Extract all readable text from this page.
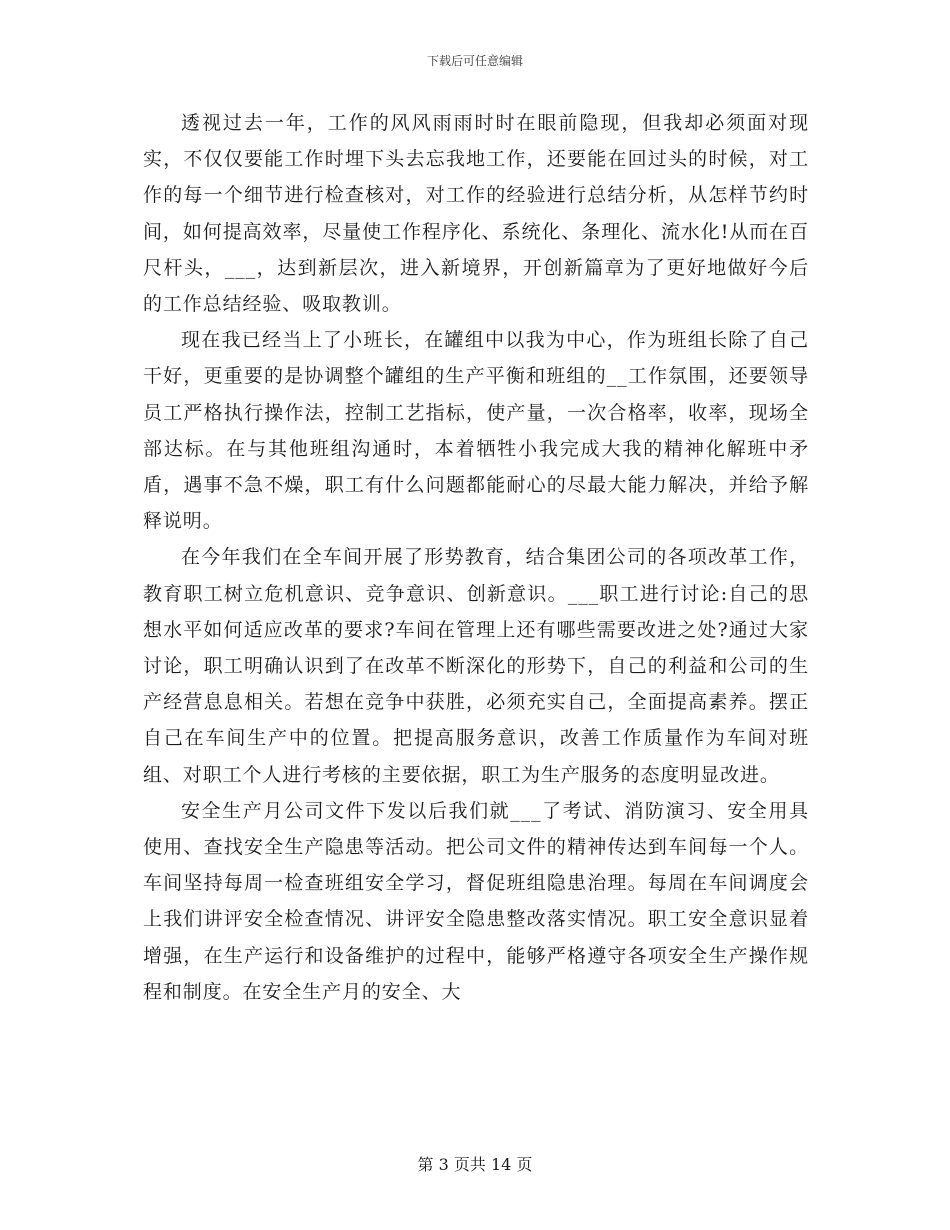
下载后可任意编辑

透视过去一年，工作的风风雨雨时时在眼前隐现，但我却必须面对现实，不仅仅要能工作时埋下头去忘我地工作，还要能在回过头的时候，对工作的每一个细节进行检查核对，对工作的经验进行总结分析，从怎样节约时间，如何提高效率，尽量使工作程序化、系统化、条理化、流水化!从而在百尺杆头，___，达到新层次，进入新境界，开创新篇章为了更好地做好今后的工作总结经验、吸取教训。

现在我已经当上了小班长，在罐组中以我为中心，作为班组长除了自己干好，更重要的是协调整个罐组的生产平衡和班组的__工作氛围，还要领导员工严格执行操作法，控制工艺指标，使产量，一次合格率，收率，现场全部达标。在与其他班组沟通时，本着牺牲小我完成大我的精神化解班中矛盾，遇事不急不燥，职工有什么问题都能耐心的尽最大能力解决，并给予解释说明。

在今年我们在全车间开展了形势教育，结合集团公司的各项改革工作，教育职工树立危机意识、竞争意识、创新意识。___职工进行讨论:自己的思想水平如何适应改革的要求?车间在管理上还有哪些需要改进之处?通过大家讨论，职工明确认识到了在改革不断深化的形势下，自己的利益和公司的生产经营息息相关。若想在竞争中获胜，必须充实自己，全面提高素养。摆正自己在车间生产中的位置。把提高服务意识，改善工作质量作为车间对班组、对职工个人进行考核的主要依据，职工为生产服务的态度明显改进。

安全生产月公司文件下发以后我们就___了考试、消防演习、安全用具使用、查找安全生产隐患等活动。把公司文件的精神传达到车间每一个人。车间坚持每周一检查班组安全学习，督促班组隐患治理。每周在车间调度会上我们讲评安全检查情况、讲评安全隐患整改落实情况。职工安全意识显着增强，在生产运行和设备维护的过程中，能够严格遵守各项安全生产操作规程和制度。在安全生产月的安全、大

第 3 页共 14 页
